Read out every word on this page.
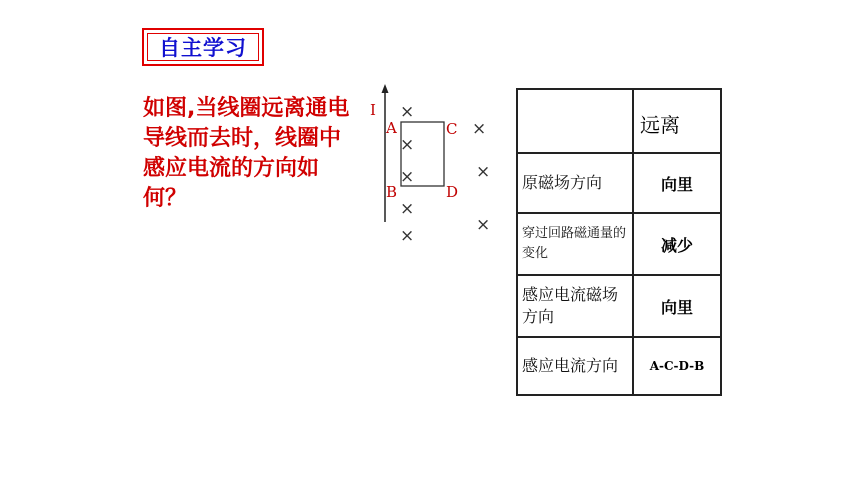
自主学习

如图,当线圈远离通电导线而去时，线圈中感应电流的方向如何？

I
A	C
B	D
×
×
×
×
×
×
×
×
	远离
原磁场方向	向里
穿过回路磁通量的变化	减少
感应电流磁场方向	向里
感应电流方向	A-C-D-B
